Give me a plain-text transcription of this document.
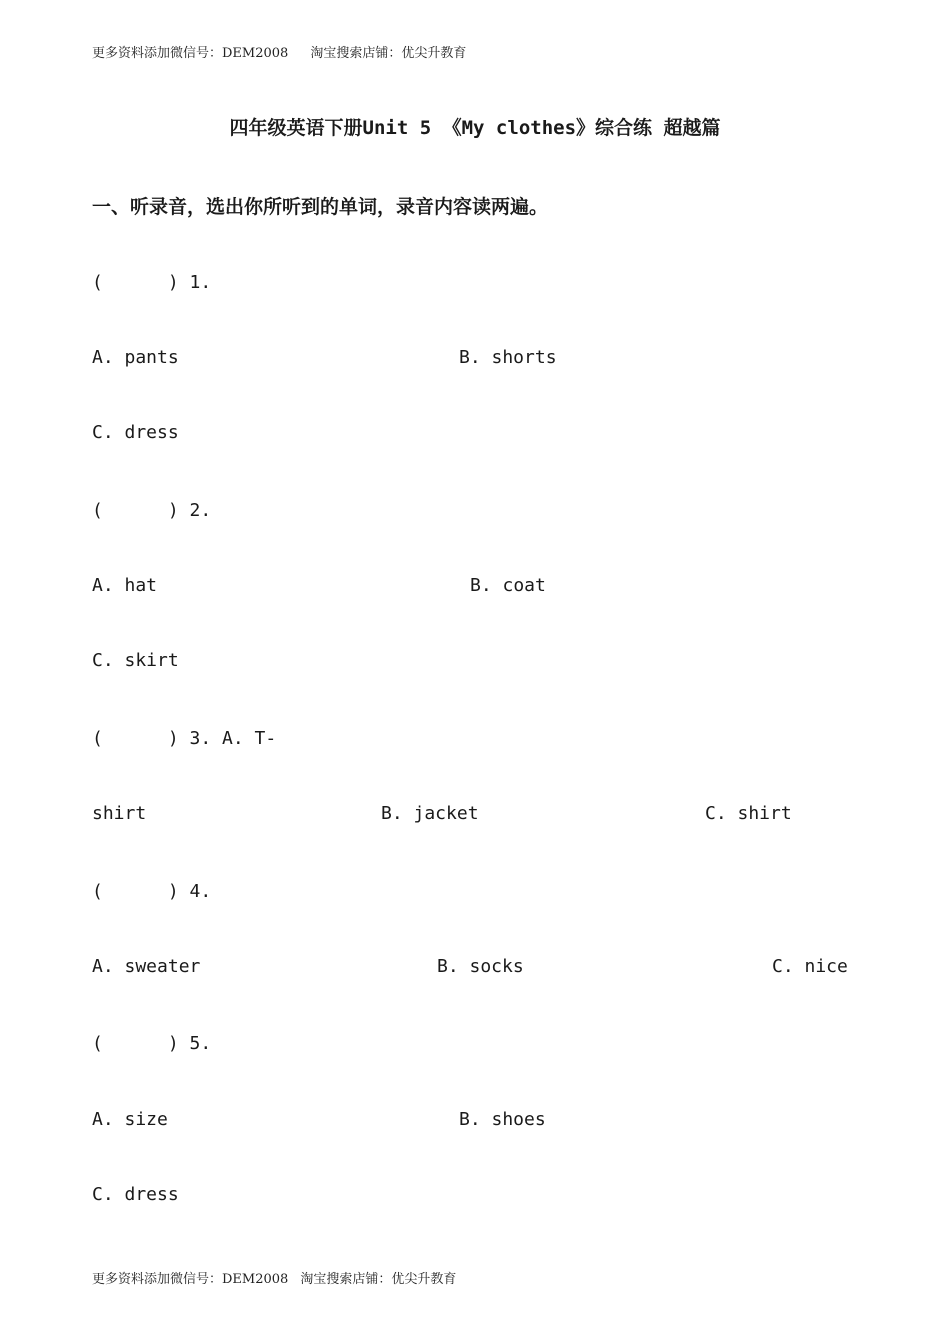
更多资料添加微信号：DEM2008 淘宝搜索店铺：优尖升教育
四年级英语下册Unit 5 《My clothes》综合练 超越篇
一、听录音，选出你所听到的单词，录音内容读两遍。
(      ) 1.
A. pants	B. shorts
C. dress
(      ) 2.
A. hat	B. coat
C. skirt
(      ) 3. A. T-
shirt	B. jacket	C. shirt
(      ) 4.
A. sweater	B. socks	C. nice
(      ) 5.
A. size	B. shoes
C. dress
更多资料添加微信号：DEM2008 淘宝搜索店铺：优尖升教育
